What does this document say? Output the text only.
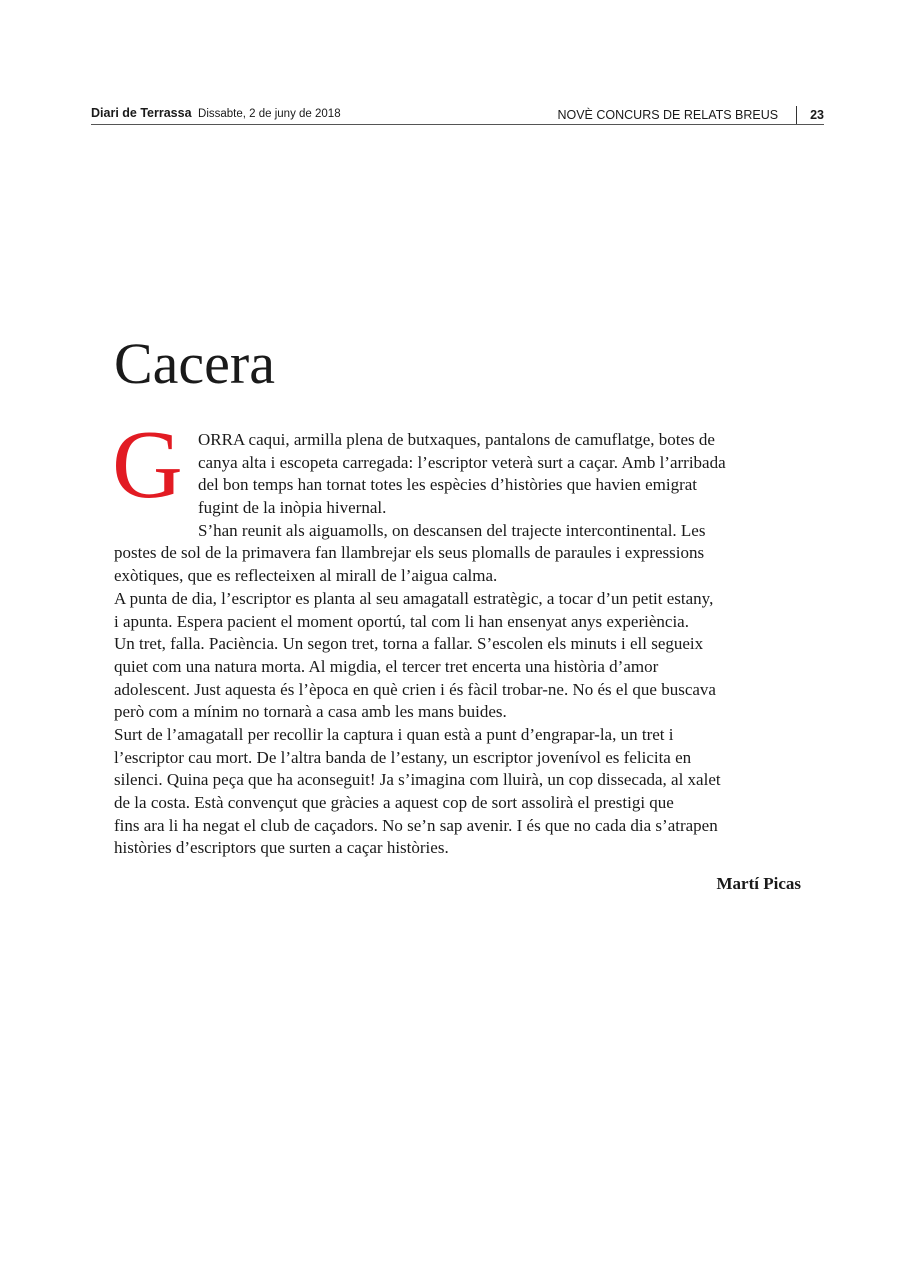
Diari de Terrassa Dissabte, 2 de juny de 2018	NOVÈ CONCURS DE RELATS BREUS	23
Cacera
G ORRA caqui, armilla plena de butxaques, pantalons de camuflatge, botes de
canya alta i escopeta carregada: l’escriptor veterà surt a caçar. Amb l’arribada
del bon temps han tornat totes les espècies d’històries que havien emigrat
fugint de la inòpia hivernal.
S’han reunit als aiguamolls, on descansen del trajecte intercontinental. Les
postes de sol de la primavera fan llambrejar els seus plomalls de paraules i expressions
exòtiques, que es reflecteixen al mirall de l’aigua calma.
A punta de dia, l’escriptor es planta al seu amagatall estratègic, a tocar d’un petit estany,
i apunta. Espera pacient el moment oportú, tal com li han ensenyat anys experiència.
Un tret, falla. Paciència. Un segon tret, torna a fallar. S’escolen els minuts i ell segueix
quiet com una natura morta. Al migdia, el tercer tret encerta una història d’amor
adolescent. Just aquesta és l’època en què crien i és fàcil trobar-ne. No és el que buscava
però com a mínim no tornarà a casa amb les mans buides.
Surt de l’amagatall per recollir la captura i quan està a punt d’engrapar-la, un tret i
l’escriptor cau mort. De l’altra banda de l’estany, un escriptor jovenívol es felicita en
silenci. Quina peça que ha aconseguit! Ja s’imagina com lluirà, un cop dissecada, al xalet
de la costa. Està convençut que gràcies a aquest cop de sort assolirà el prestigi que
fins ara li ha negat el club de caçadors. No se’n sap avenir. I és que no cada dia s’atrapen
històries d’escriptors que surten a caçar històries.
Martí Picas
